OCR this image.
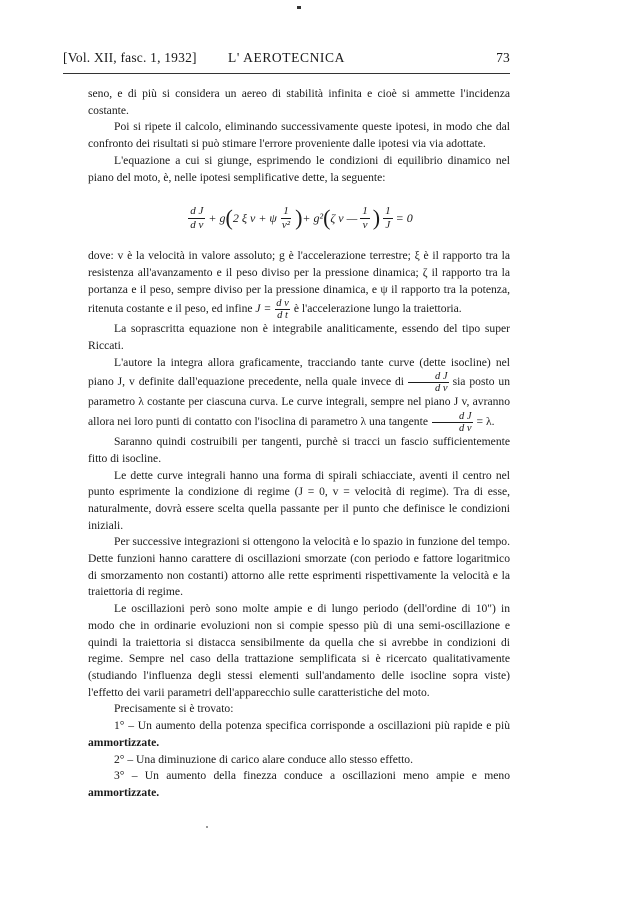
[Vol. XII, fasc. 1, 1932]	L' AEROTECNICA	73

seno, e di più si considera un aereo di stabilità infinita e cioè si ammette l'incidenza costante.

Poi si ripete il calcolo, eliminando successivamente queste ipotesi, in modo che dal confronto dei risultati si può stimare l'errore proveniente dalle ipotesi via via adottate.

L'equazione a cui si giunge, esprimendo le condizioni di equilibrio dinamico nel piano del moto, è, nelle ipotesi semplificative dette, la seguente:

$\frac{\text{d J}}{\text{d v}} + g$ ( 2 ξ v + ψ $\frac{1}{\text{v²}}$ ) + g² ( ζ v — $\frac{1}{v}$ ) $\frac{1}{J} = 0$

dove: v è la velocità in valore assoluto; g è l'accelerazione terrestre; ξ è il rapporto tra la resistenza all'avanzamento e il peso diviso per la pressione dinamica; ζ il rapporto tra la portanza e il peso, sempre diviso per la pressione dinamica, e ψ il rapporto tra la potenza, ritenuta costante e il peso, ed infine $J = \frac{\text{d v}}{\text{d t}}$ è l'accelerazione lungo la traiettoria.

La soprascritta equazione non è integrabile analiticamente, essendo del tipo super Riccati.

L'autore la integra allora graficamente, tracciando tante curve (dette isocline) nel piano J, v definite dall'equazione precedente, nella quale invece di $\frac{\text{d J}}{\text{d v}}$ sia posto un parametro λ costante per ciascuna curva. Le curve integrali, sempre nel piano J v, avranno allora nei loro punti di contatto con l'isoclina di parametro λ una tangente $\frac{\text{d J}}{\text{d v}} = \lambda$.

Saranno quindi costruibili per tangenti, purchè si tracci un fascio sufficientemente fitto di isocline.

Le dette curve integrali hanno una forma di spirali schiacciate, aventi il centro nel punto esprimente la condizione di regime (J = 0, v = velocità di regime). Tra di esse, naturalmente, dovrà essere scelta quella passante per il punto che definisce le condizioni iniziali.

Per successive integrazioni si ottengono la velocità e lo spazio in funzione del tempo. Dette funzioni hanno carattere di oscillazioni smorzate (con periodo e fattore logaritmico di smorzamento non costanti) attorno alle rette esprimenti rispettivamente la velocità e la traiettoria di regime.

Le oscillazioni però sono molte ampie e di lungo periodo (dell'ordine di 10") in modo che in ordinarie evoluzioni non si compie spesso più di una semi-oscillazione e quindi la traiettoria si distacca sensibilmente da quella che si avrebbe in condizioni di regime. Sempre nel caso della trattazione semplificata si è ricercato qualitativamente (studiando l'influenza degli stessi elementi sull'andamento delle isocline sopra viste) l'effetto dei varii parametri dell'apparecchio sulle caratteristiche del moto.

Precisamente si è trovato:

1° – Un aumento della potenza specifica corrisponde a oscillazioni più rapide e più ammortizzate.

2° – Una diminuzione di carico alare conduce allo stesso effetto.

3° – Un aumento della finezza conduce a oscillazioni meno ampie e meno ammortizzate.
